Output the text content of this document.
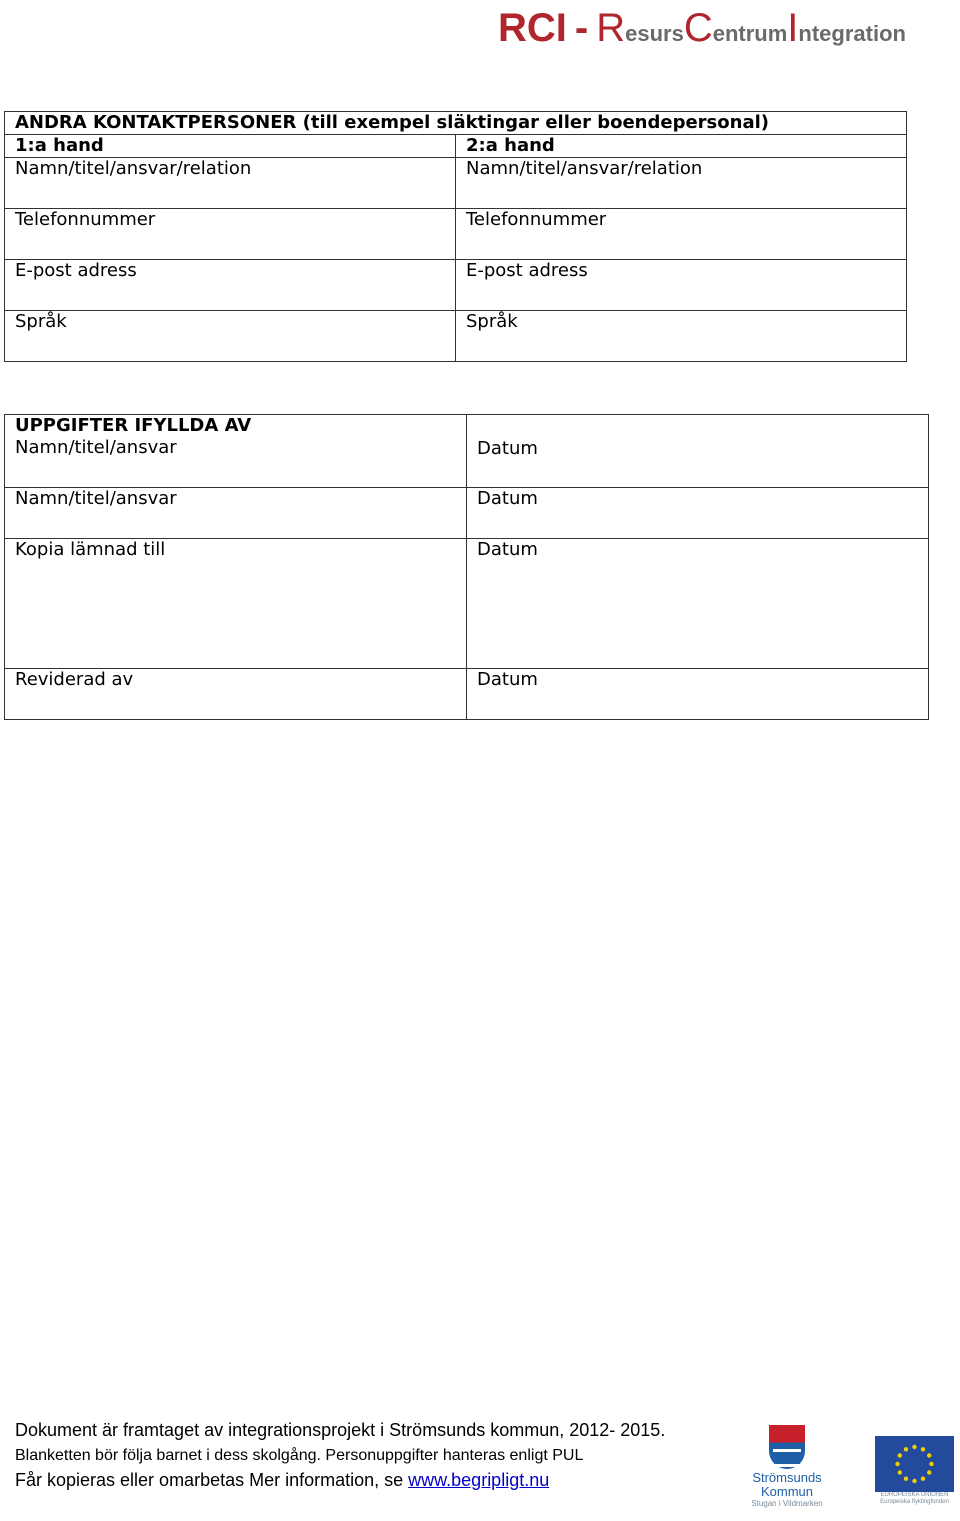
RCI - ResursCentrumIntegration
ANDRA KONTAKTPERSONER (till exempel släktingar eller boendepersonal)	
1:a hand	2:a hand
Namn/titel/ansvar/relation	Namn/titel/ansvar/relation
Telefonnummer	Telefonnummer
E-post adress	E-post adress
Språk	Språk
UPPGIFTER IFYLLDA AV
Namn/titel/ansvar	Datum
Namn/titel/ansvar	Datum
Kopia lämnad till	Datum
Reviderad av	Datum
Dokument är framtaget av integrationsprojekt i Strömsunds kommun, 2012- 2015.
Blanketten bör följa barnet i dess skolgång. Personuppgifter hanteras enligt PUL
Får kopieras eller omarbetas Mer information, se www.begripligt.nu	Strömsunds
Kommun
Stugan i Vildmarken
EUROPEISKA UNIONEN
Europeiska flyktingfonden
